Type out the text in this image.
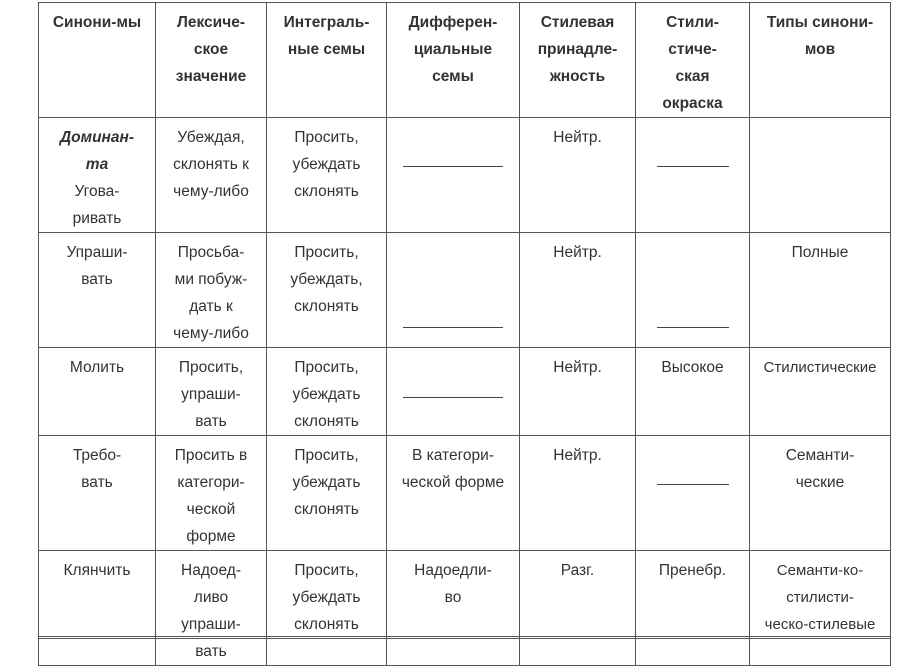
Синони-мы	Лексиче-
ское
значение	Интеграль-
ные семы	Дифферен-
циальные
семы	Стилевая
принадле-
жность	Стили-
стиче-
ская
окраска	Типы синони-
мов

Доминан-
та
Угова-
ривать	Убеждая,
склонять к
чему-либо	Просить,
убеждать
склонять		Нейтр.		

Упраши-
вать	Просьба-
ми побуж-
дать к
чему-либо	Просить,
убеждать,
склонять		Нейтр.		Полные

Молить	Просить,
упраши-
вать	Просить,
убеждать
склонять		Нейтр.	Высокое	Стилистические

Требо-
вать	Просить в
категори-
ческой
форме	Просить,
убеждать
склонять	В категори-
ческой форме	Нейтр.		Семанти-
ческие

Клянчить	Надоед-
ливо
упраши-
вать	Просить,
убеждать
склонять	Надоедли-
во	Разг.	Пренебр.	Семанти-ко-
стилисти-
ческо-стилевые
